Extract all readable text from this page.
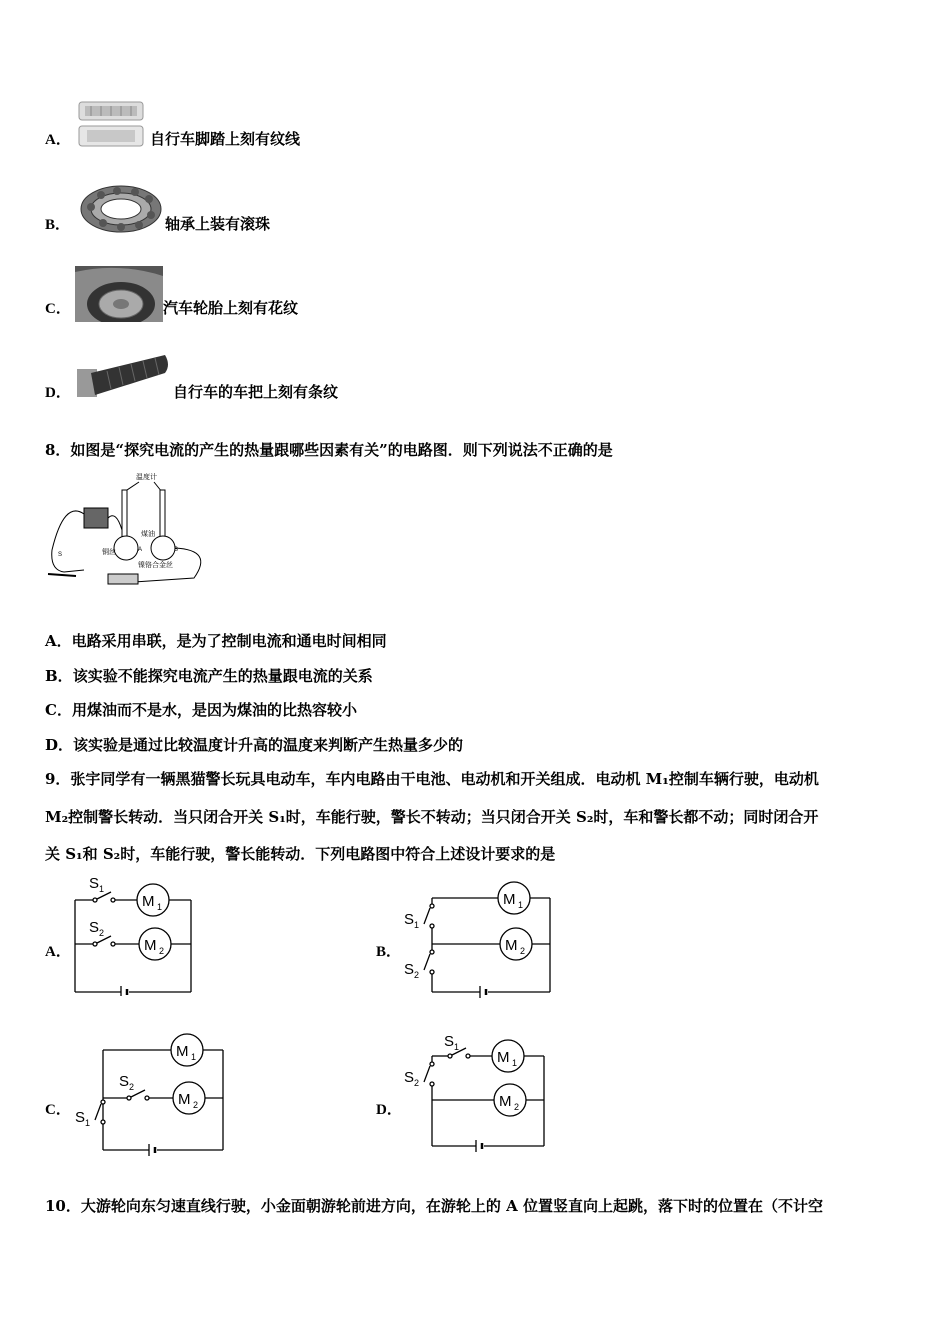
A．	自行车脚踏上刻有纹线
B．	轴承上装有滚珠
C．	汽车轮胎上刻有花纹
D．	自行车的车把上刻有条纹
8．如图是“探究电流的产生的热量跟哪些因素有关”的电路图．则下列说法不正确的是
温度计
煤油
铜丝
镍铬合金丝
A	B
S
A．电路采用串联，是为了控制电流和通电时间相同
B．该实验不能探究电流产生的热量跟电流的关系
C．用煤油而不是水，是因为煤油的比热容较小
D．该实验是通过比较温度计升高的温度来判断产生热量多少的
9．张宇同学有一辆黑猫警长玩具电动车，车内电路由干电池、电动机和开关组成．电动机 M₁控制车辆行驶，电动机
M₂控制警长转动．当只闭合开关 S₁时，车能行驶，警长不转动；当只闭合开关 S₂时，车和警长都不动；同时闭合开
关 S₁和 S₂时，车能行驶，警长能转动．下列电路图中符合上述设计要求的是
A．
S 1
S 2
M 1
M 2	B．
S 1
S 2
M 1
M 2
C．
S 2
S 1
M 1
M 2	D．
S 1
S 2
M 1
M 2
10．大游轮向东匀速直线行驶，小金面朝游轮前进方向，在游轮上的 A 位置竖直向上起跳，落下时的位置在（不计空
